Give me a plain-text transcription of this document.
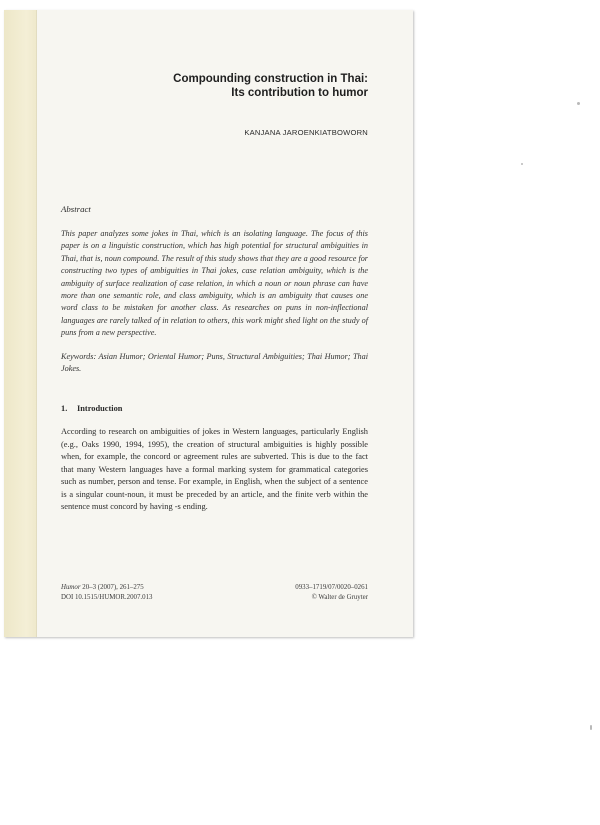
Compounding construction in Thai:
Its contribution to humor

KANJANA JAROENKIATBOWORN
Abstract
This paper analyzes some jokes in Thai, which is an isolating language. The focus of this paper is on a linguistic construction, which has high potential for structural ambiguities in Thai, that is, noun compound. The result of this study shows that they are a good resource for constructing two types of ambiguities in Thai jokes, case relation ambiguity, which is the ambiguity of surface realization of case relation, in which a noun or noun phrase can have more than one semantic role, and class ambiguity, which is an ambiguity that causes one word class to be mistaken for another class. As researches on puns in non-inflectional languages are rarely talked of in relation to others, this work might shed light on the study of puns from a new perspective.
Keywords: Asian Humor; Oriental Humor; Puns, Structural Ambiguities; Thai Humor; Thai Jokes.
1. Introduction
According to research on ambiguities of jokes in Western languages, particularly English (e.g., Oaks 1990, 1994, 1995), the creation of structural ambiguities is highly possible when, for example, the concord or agreement rules are subverted. This is due to the fact that many Western languages have a formal marking system for grammatical categories such as number, person and tense. For example, in English, when the subject of a sentence is a singular count-noun, it must be preceded by an article, and the finite verb within the sentence must concord by having -s ending.
Humor 20–3 (2007), 261–275
DOI 10.1515/HUMOR.2007.013
0933–1719/07/0020–0261
© Walter de Gruyter
